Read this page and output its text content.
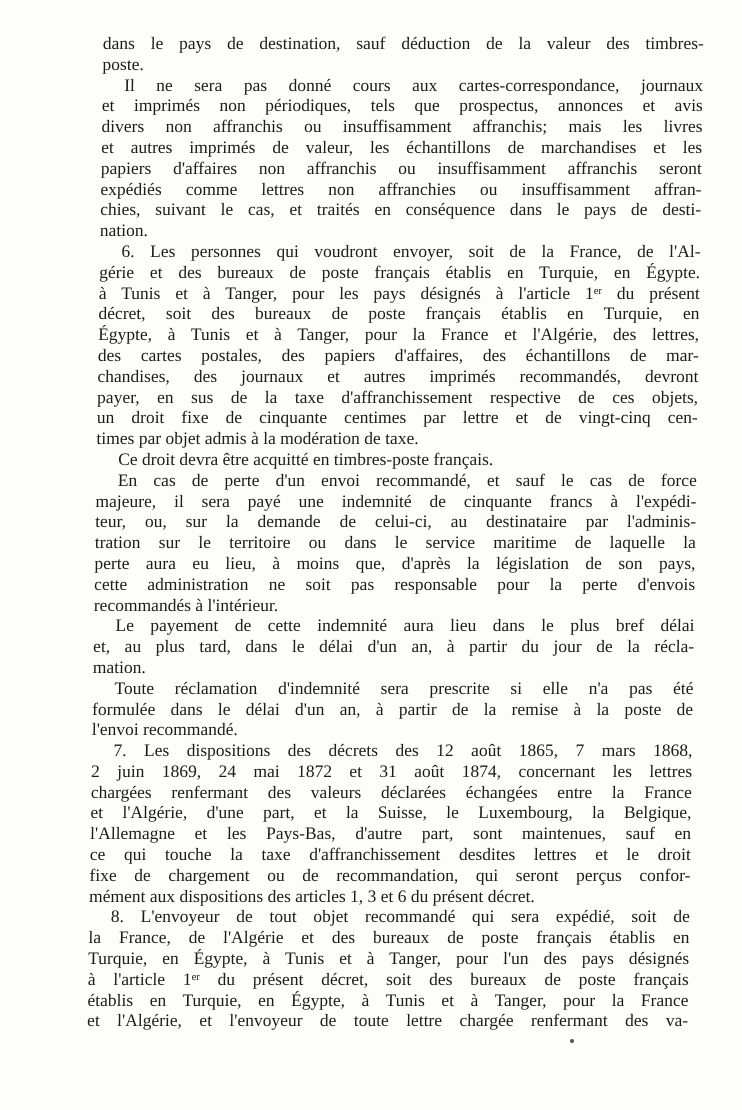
dans le pays de destination, sauf déduction de la valeur des timbres-
poste.
Il ne sera pas donné cours aux cartes-correspondance, journaux
et imprimés non périodiques, tels que prospectus, annonces et avis
divers non affranchis ou insuffisamment affranchis; mais les livres
et autres imprimés de valeur, les échantillons de marchandises et les
papiers d'affaires non affranchis ou insuffisamment affranchis seront
expédiés comme lettres non affranchies ou insuffisamment affran-
chies, suivant le cas, et traités en conséquence dans le pays de desti-
nation.
6. Les personnes qui voudront envoyer, soit de la France, de l'Al-
gérie et des bureaux de poste français établis en Turquie, en Égypte.
à Tunis et à Tanger, pour les pays désignés à l'article 1er du présent
décret, soit des bureaux de poste français établis en Turquie, en
Égypte, à Tunis et à Tanger, pour la France et l'Algérie, des lettres,
des cartes postales, des papiers d'affaires, des échantillons de mar-
chandises, des journaux et autres imprimés recommandés, devront
payer, en sus de la taxe d'affranchissement respective de ces objets,
un droit fixe de cinquante centimes par lettre et de vingt-cinq cen-
times par objet admis à la modération de taxe.
Ce droit devra être acquitté en timbres-poste français.
En cas de perte d'un envoi recommandé, et sauf le cas de force
majeure, il sera payé une indemnité de cinquante francs à l'expédi-
teur, ou, sur la demande de celui-ci, au destinataire par l'adminis-
tration sur le territoire ou dans le service maritime de laquelle la
perte aura eu lieu, à moins que, d'après la législation de son pays,
cette administration ne soit pas responsable pour la perte d'envois
recommandés à l'intérieur.
Le payement de cette indemnité aura lieu dans le plus bref délai
et, au plus tard, dans le délai d'un an, à partir du jour de la récla-
mation.
Toute réclamation d'indemnité sera prescrite si elle n'a pas été
formulée dans le délai d'un an, à partir de la remise à la poste de
l'envoi recommandé.
7. Les dispositions des décrets des 12 août 1865, 7 mars 1868,
2 juin 1869, 24 mai 1872 et 31 août 1874, concernant les lettres
chargées renfermant des valeurs déclarées échangées entre la France
et l'Algérie, d'une part, et la Suisse, le Luxembourg, la Belgique,
l'Allemagne et les Pays-Bas, d'autre part, sont maintenues, sauf en
ce qui touche la taxe d'affranchissement desdites lettres et le droit
fixe de chargement ou de recommandation, qui seront perçus confor-
mément aux dispositions des articles 1, 3 et 6 du présent décret.
8. L'envoyeur de tout objet recommandé qui sera expédié, soit de
la France, de l'Algérie et des bureaux de poste français établis en
Turquie, en Égypte, à Tunis et à Tanger, pour l'un des pays désignés
à l'article 1er du présent décret, soit des bureaux de poste français
établis en Turquie, en Égypte, à Tunis et à Tanger, pour la France
et l'Algérie, et l'envoyeur de toute lettre chargée renfermant des va-
